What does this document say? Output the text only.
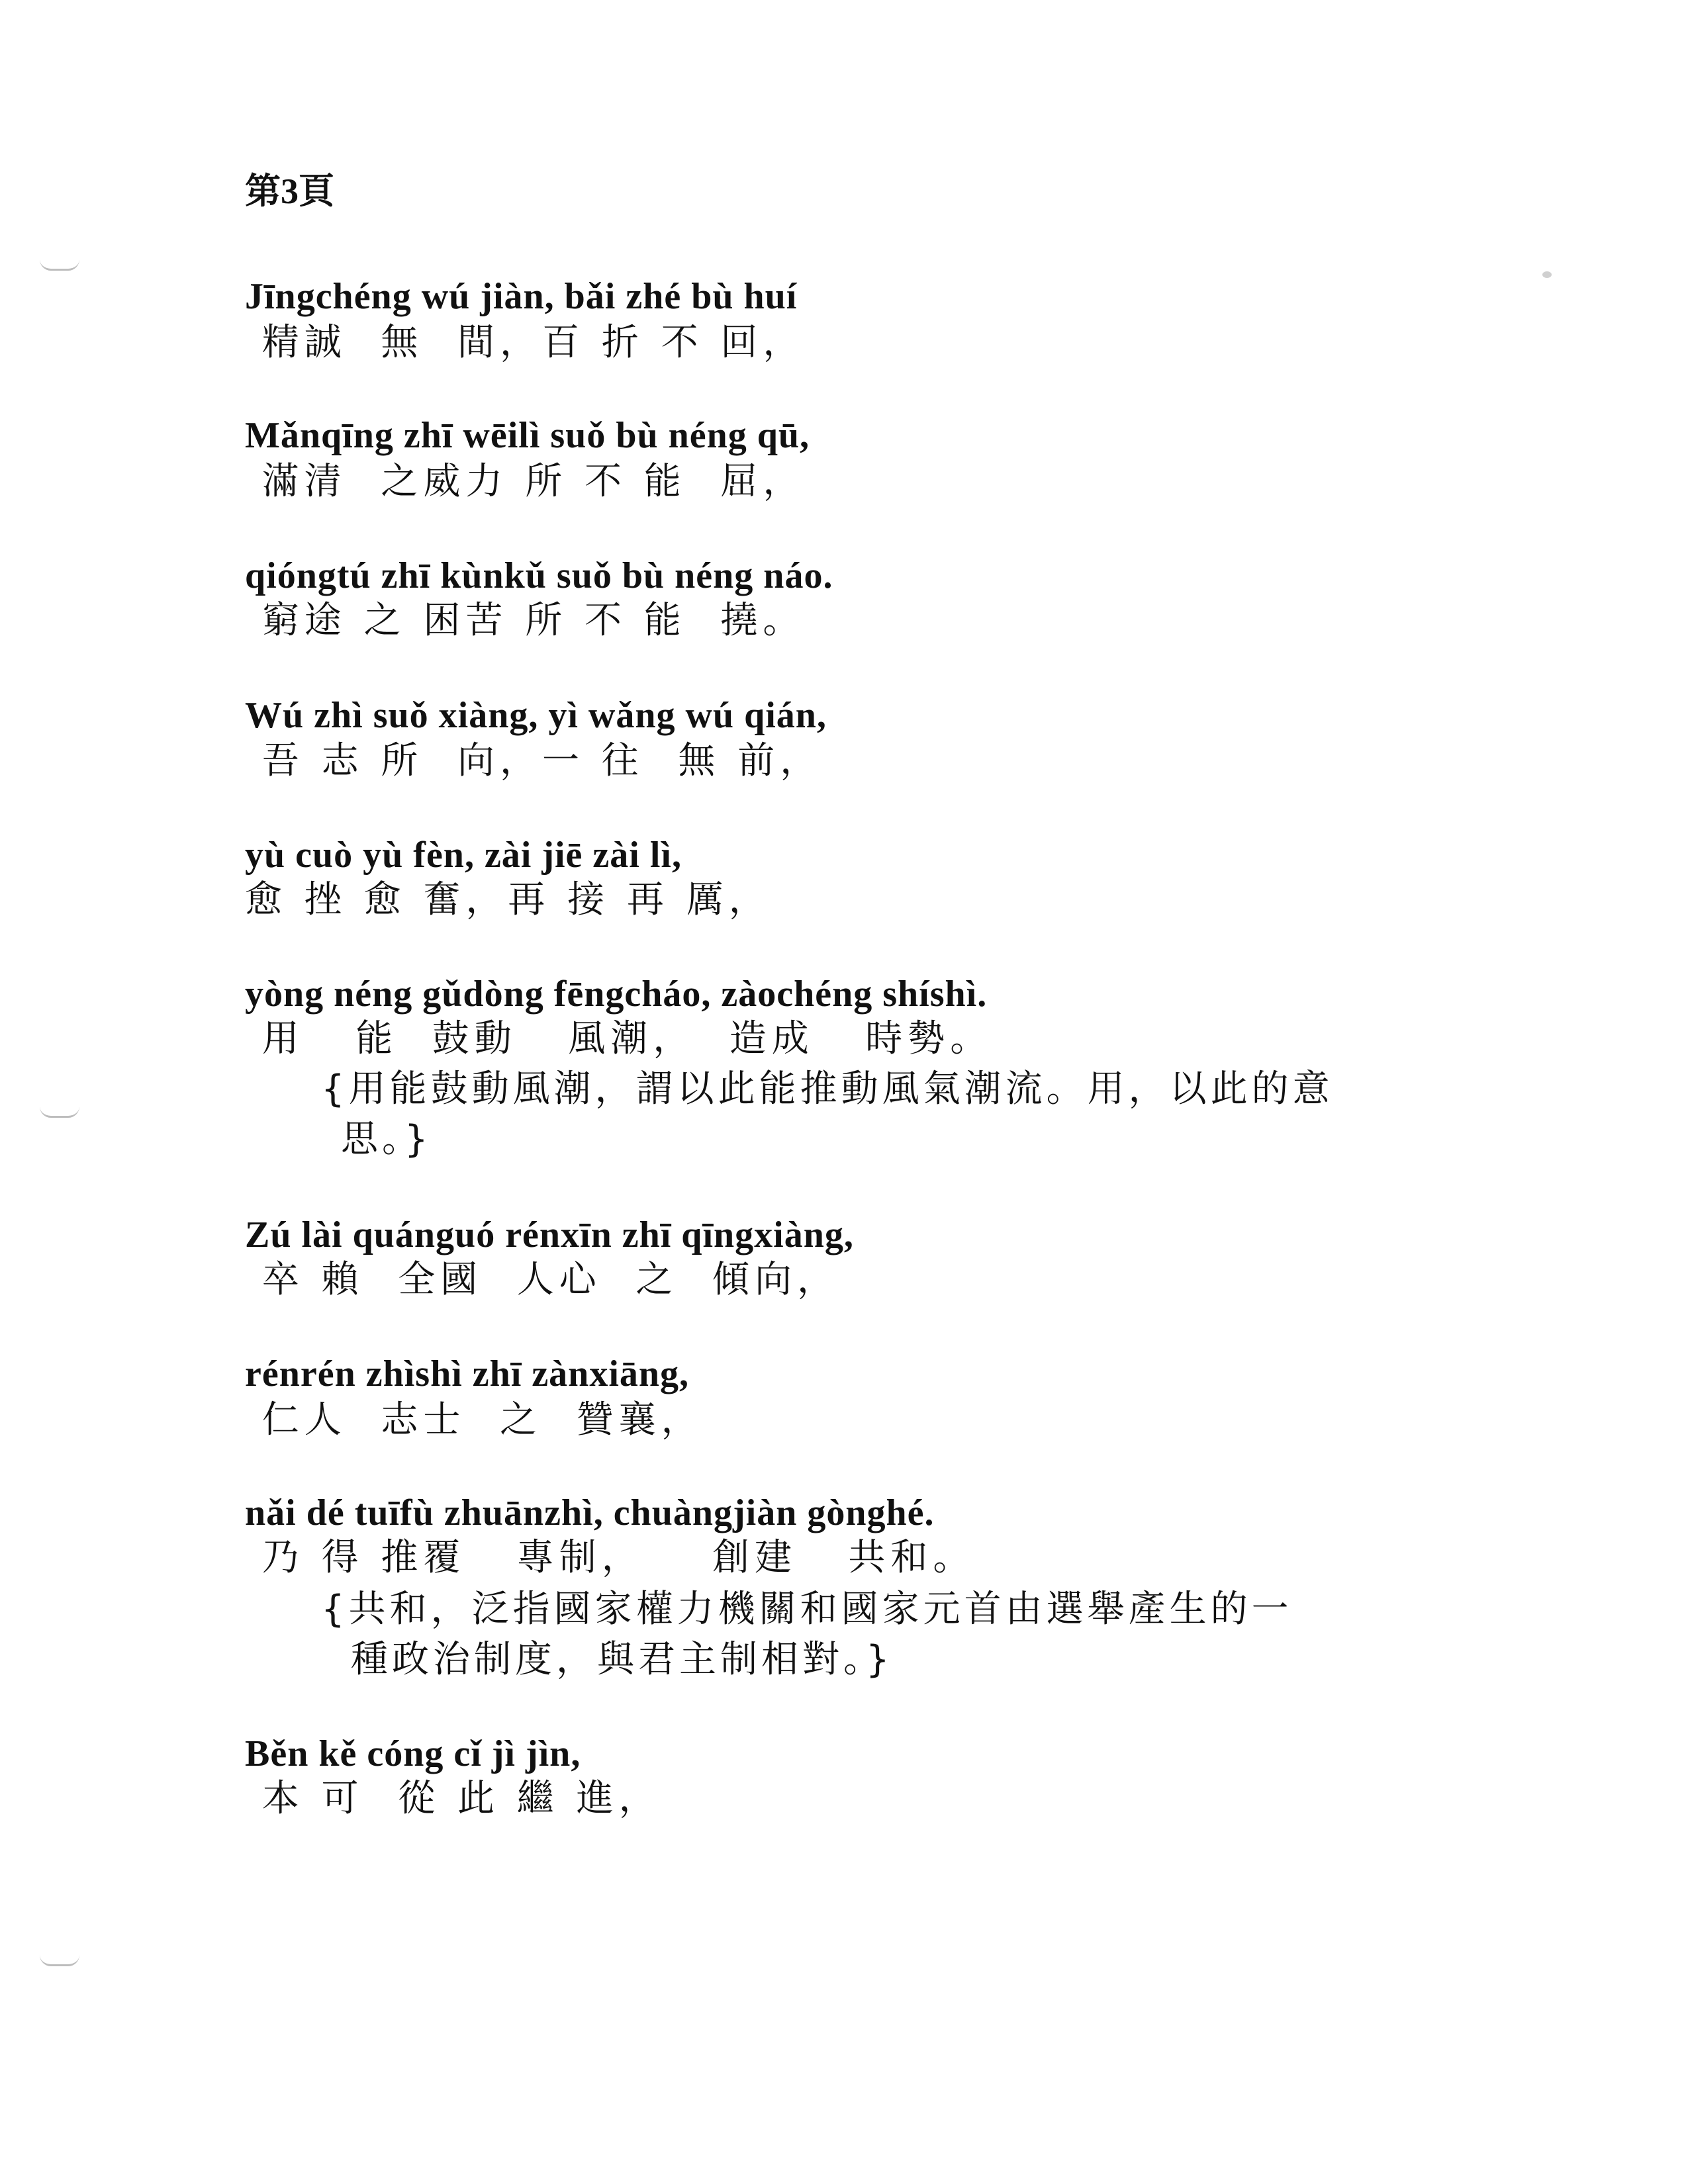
第3頁
Jīngchéng wú jiàn, bǎi zhé bù huí
精誠  無  間，百 折 不 回，
Mǎnqīng zhī wēilì suǒ bù néng qū,
滿清  之威力 所 不 能  屈，
qióngtú zhī kùnkǔ suǒ bù néng náo.
窮途 之 困苦 所 不 能  撓。
Wú zhì suǒ xiàng, yì wǎng wú qián,
吾 志 所  向，一 往  無 前，
yù cuò yù fèn, zài jiē zài lì,
愈 挫 愈 奮，再 接 再 厲，
yòng néng gǔdòng fēngcháo, zàochéng shíshì.
用   能  鼓動   風潮，  造成   時勢。
{用能鼓動風潮，謂以此能推動風氣潮流。用，以此的意
思。}
Zú lài quánguó rénxīn zhī qīngxiàng,
卒 賴  全國  人心  之  傾向，
rénrén zhìshì zhī zànxiāng,
仁人  志士  之  贊襄，
nǎi dé tuīfù zhuānzhì, chuàngjiàn gònghé.
乃 得 推覆   專制，    創建   共和。
{共和，泛指國家權力機關和國家元首由選舉產生的一
種政治制度，與君主制相對。}
Běn kě cóng cǐ jì jìn,
本 可  從 此 繼 進，
